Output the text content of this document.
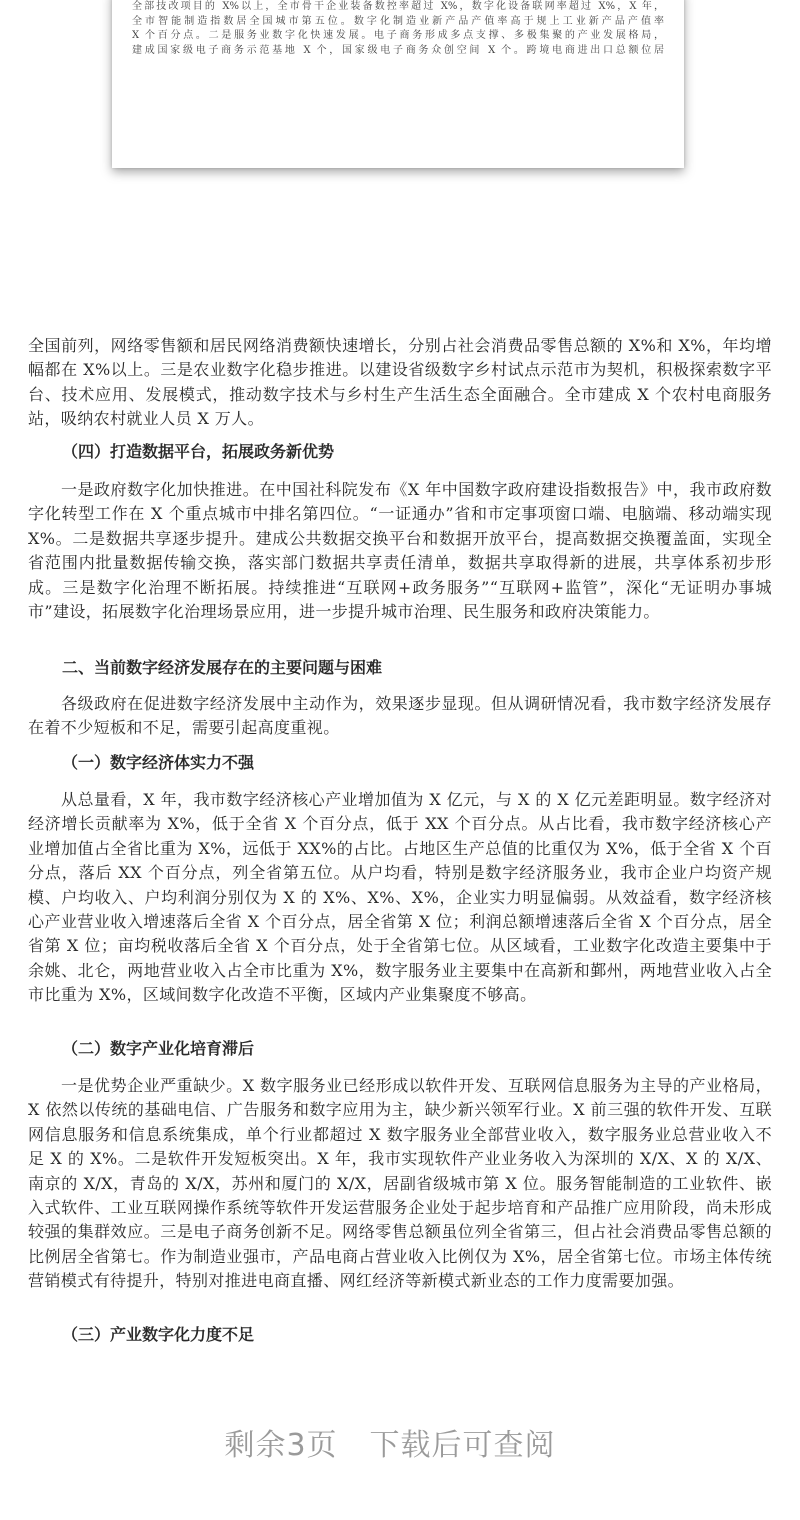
全部技改项目的 X%以上，全市骨干企业装备数控率超过 X%，数字化设备联网率超过 X%，X 年，
全市智能制造指数居全国城市第五位。数字化制造业新产品产值率高于规上工业新产品产值率
X 个百分点。二是服务业数字化快速发展。电子商务形成多点支撑、多极集聚的产业发展格局，
建成国家级电子商务示范基地 X 个，国家级电子商务众创空间 X 个。跨境电商进出口总额位居

全国前列，网络零售额和居民网络消费额快速增长，分别占社会消费品零售总额的 X%和 X%，年均增幅都在 X%以上。三是农业数字化稳步推进。以建设省级数字乡村试点示范市为契机，积极探索数字平台、技术应用、发展模式，推动数字技术与乡村生产生活生态全面融合。全市建成 X 个农村电商服务站，吸纳农村就业人员 X 万人。
（四）打造数据平台，拓展政务新优势
一是政府数字化加快推进。在中国社科院发布《X 年中国数字政府建设指数报告》中，我市政府数字化转型工作在 X 个重点城市中排名第四位。“一证通办”省和市定事项窗口端、电脑端、移动端实现 X%。二是数据共享逐步提升。建成公共数据交换平台和数据开放平台，提高数据交换覆盖面，实现全省范围内批量数据传输交换，落实部门数据共享责任清单，数据共享取得新的进展，共享体系初步形成。三是数字化治理不断拓展。持续推进“互联网+政务服务”“互联网+监管”，深化“无证明办事城市”建设，拓展数字化治理场景应用，进一步提升城市治理、民生服务和政府决策能力。
二、当前数字经济发展存在的主要问题与困难
各级政府在促进数字经济发展中主动作为，效果逐步显现。但从调研情况看，我市数字经济发展存在着不少短板和不足，需要引起高度重视。
（一）数字经济体实力不强
从总量看，X 年，我市数字经济核心产业增加值为 X 亿元，与 X 的 X 亿元差距明显。数字经济对经济增长贡献率为 X%，低于全省 X 个百分点，低于 XX 个百分点。从占比看，我市数字经济核心产业增加值占全省比重为 X%，远低于 XX%的占比。占地区生产总值的比重仅为 X%，低于全省 X 个百分点，落后 XX 个百分点，列全省第五位。从户均看，特别是数字经济服务业，我市企业户均资产规模、户均收入、户均利润分别仅为 X 的 X%、X%、X%，企业实力明显偏弱。从效益看，数字经济核心产业营业收入增速落后全省 X 个百分点，居全省第 X 位；利润总额增速落后全省 X 个百分点，居全省第 X 位；亩均税收落后全省 X 个百分点，处于全省第七位。从区域看，工业数字化改造主要集中于余姚、北仑，两地营业收入占全市比重为 X%，数字服务业主要集中在高新和鄞州，两地营业收入占全市比重为 X%，区域间数字化改造不平衡，区域内产业集聚度不够高。
（二）数字产业化培育滞后
一是优势企业严重缺少。X 数字服务业已经形成以软件开发、互联网信息服务为主导的产业格局，X 依然以传统的基础电信、广告服务和数字应用为主，缺少新兴领军行业。X 前三强的软件开发、互联网信息服务和信息系统集成，单个行业都超过 X 数字服务业全部营业收入，数字服务业总营业收入不足 X 的 X%。二是软件开发短板突出。X 年，我市实现软件产业业务收入为深圳的 X/X、X 的 X/X、南京的 X/X，青岛的 X/X，苏州和厦门的 X/X，居副省级城市第 X 位。服务智能制造的工业软件、嵌入式软件、工业互联网操作系统等软件开发运营服务企业处于起步培育和产品推广应用阶段，尚未形成较强的集群效应。三是电子商务创新不足。网络零售总额虽位列全省第三，但占社会消费品零售总额的比例居全省第七。作为制造业强市，产品电商占营业收入比例仅为 X%，居全省第七位。市场主体传统营销模式有待提升，特别对推进电商直播、网红经济等新模式新业态的工作力度需要加强。
（三）产业数字化力度不足
剩余3页 下载后可查阅
